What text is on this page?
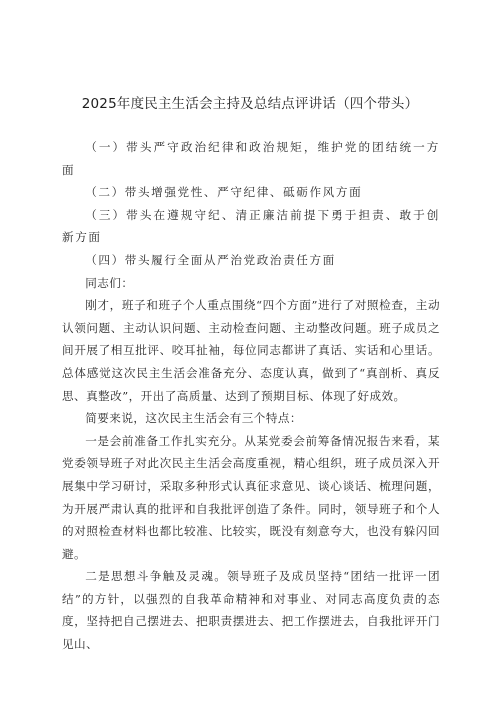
2025年度民主生活会主持及总结点评讲话（四个带头）

（一）带头严守政治纪律和政治规矩，维护党的团结统一方面

（二）带头增强党性、严守纪律、砥砺作风方面

（三）带头在遵规守纪、清正廉洁前提下勇于担责、敢于创新方面

（四）带头履行全面从严治党政治责任方面

同志们：

刚才，班子和班子个人重点围绕“四个方面”进行了对照检查，主动认领问题、主动认识问题、主动检查问题、主动整改问题。班子成员之间开展了相互批评、咬耳扯袖，每位同志都讲了真话、实话和心里话。总体感觉这次民主生活会准备充分、态度认真，做到了“真剖析、真反思、真整改”，开出了高质量、达到了预期目标、体现了好成效。

简要来说，这次民主生活会有三个特点：

一是会前准备工作扎实充分。从某党委会前筹备情况报告来看，某党委领导班子对此次民主生活会高度重视，精心组织，班子成员深入开展集中学习研讨，采取多种形式认真征求意见、谈心谈话、梳理问题，为开展严肃认真的批评和自我批评创造了条件。同时，领导班子和个人的对照检查材料也都比较准、比较实，既没有刻意夸大，也没有躲闪回避。

二是思想斗争触及灵魂。领导班子及成员坚持“团结一批评一团结”的方针，以强烈的自我革命精神和对事业、对同志高度负责的态度，坚持把自己摆进去、把职责摆进去、把工作摆进去，自我批评开门见山、
